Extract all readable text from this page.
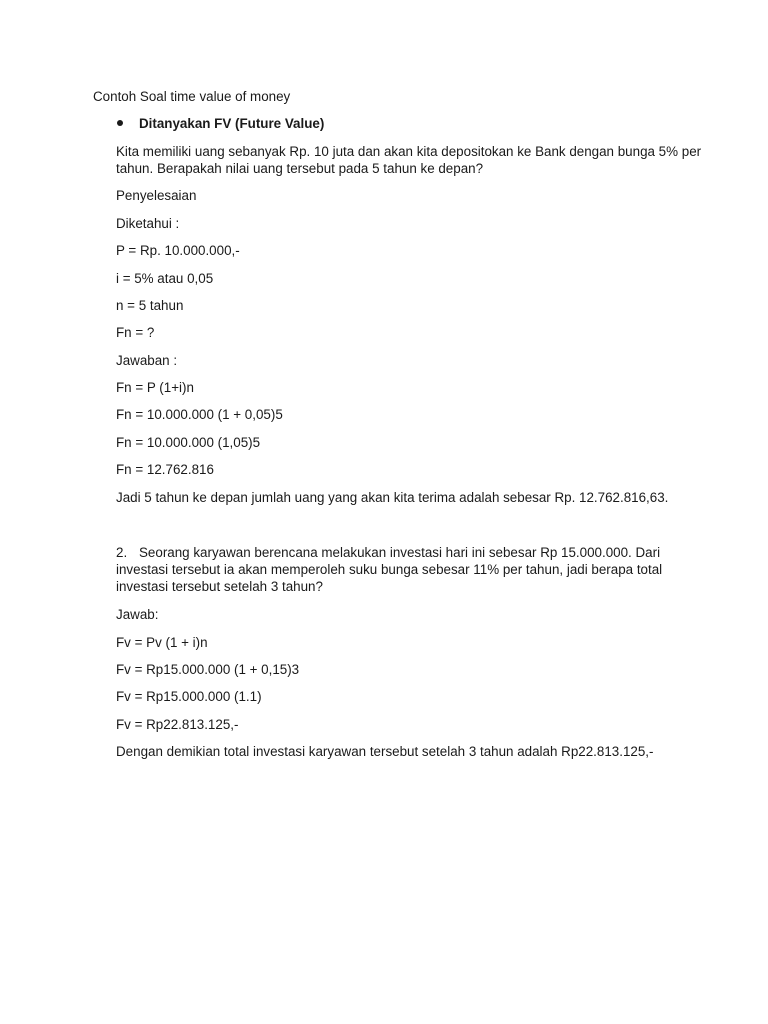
Contoh Soal time value of money
Ditanyakan FV (Future Value)
Kita memiliki uang sebanyak Rp. 10 juta dan akan kita depositokan ke Bank dengan bunga 5% per
tahun. Berapakah nilai uang tersebut pada 5 tahun ke depan?
Penyelesaian
Diketahui :
P = Rp. 10.000.000,-
i = 5% atau 0,05
n = 5 tahun
Fn = ?
Jawaban :
Fn = P (1+i)n
Fn = 10.000.000 (1 + 0,05)5
Fn = 10.000.000 (1,05)5
Fn = 12.762.816
Jadi 5 tahun ke depan jumlah uang yang akan kita terima adalah sebesar Rp. 12.762.816,63.
2. Seorang karyawan berencana melakukan investasi hari ini sebesar Rp 15.000.000. Dari
investasi tersebut ia akan memperoleh suku bunga sebesar 11% per tahun, jadi berapa total
investasi tersebut setelah 3 tahun?
Jawab:
Fv = Pv (1 + i)n
Fv = Rp15.000.000 (1 + 0,15)3
Fv = Rp15.000.000 (1.1)
Fv = Rp22.813.125,-
Dengan demikian total investasi karyawan tersebut setelah 3 tahun adalah Rp22.813.125,-
